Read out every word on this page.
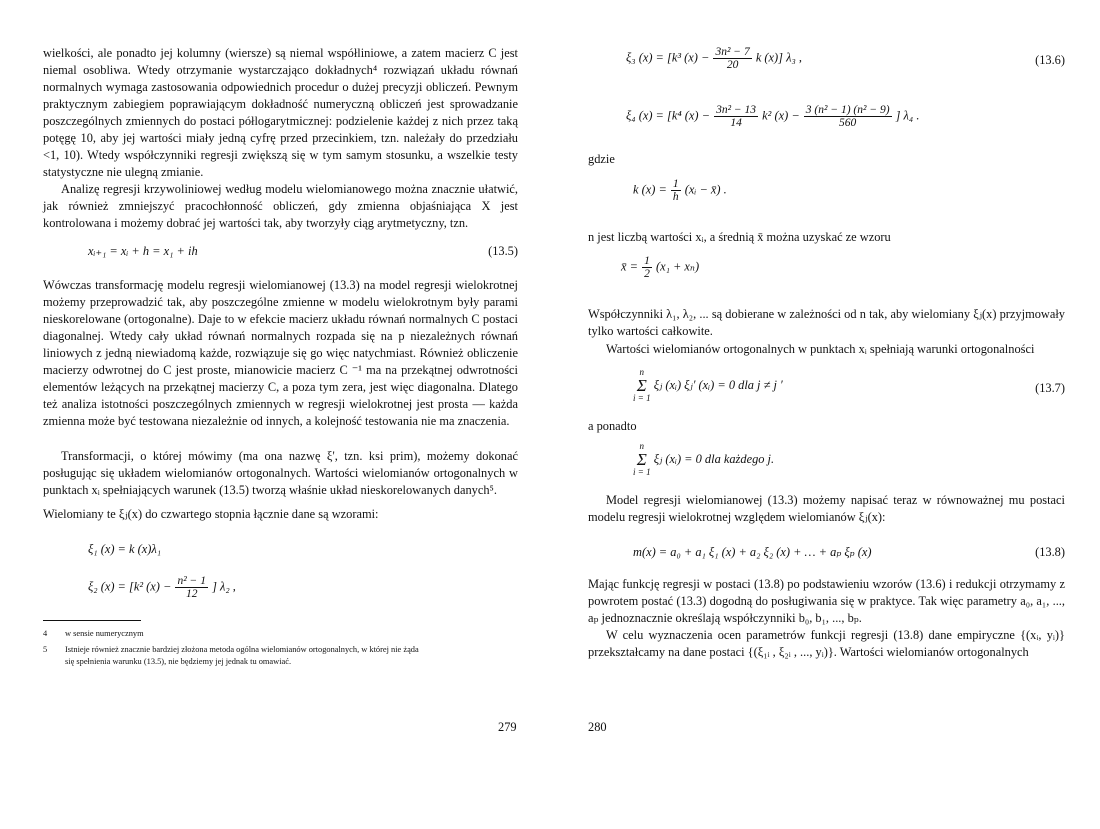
wielkości, ale ponadto jej kolumny (wiersze) są niemal współliniowe, a zatem macierz C jest niemal osobliwa. Wtedy otrzymanie wystarczająco dokładnych⁴ rozwiązań układu równań normalnych wymaga zastosowania odpowiednich procedur o dużej precyzji obliczeń. Pewnym praktycznym zabiegiem poprawiającym dokładność numeryczną obliczeń jest sprowadzanie poszczególnych zmiennych do postaci półlogarytmicznej: podzielenie każdej z nich przez taką potęgę 10, aby jej wartości miały jedną cyfrę przed przecinkiem, tzn. należały do przedziału <1, 10). Wtedy współczynniki regresji zwiększą się w tym samym stosunku, a wszelkie testy statystyczne nie ulegną zmianie.

Analizę regresji krzywoliniowej według modelu wielomianowego można znacznie ułatwić, jak również zmniejszyć pracochłonność obliczeń, gdy zmienna objaśniająca X jest kontrolowana i możemy dobrać jej wartości tak, aby tworzyły ciąg arytmetyczny, tzn.

xᵢ₊₁ = xᵢ + h = x₁ + ih	(13.5)

Wówczas transformację modelu regresji wielomianowej (13.3) na model regresji wielokrotnej możemy przeprowadzić tak, aby poszczególne zmienne w modelu wielokrotnym były parami nieskorelowane (ortogonalne). Daje to w efekcie macierz układu równań normalnych C postaci diagonalnej. Wtedy cały układ równań normalnych rozpada się na p niezależnych równań liniowych z jedną niewiadomą każde, rozwiązuje się go więc natychmiast. Również obliczenie macierzy odwrotnej do C jest proste, mianowicie macierz C ⁻¹ ma na przekątnej odwrotności elementów leżących na przekątnej macierzy C, a poza tym zera, jest więc diagonalna. Dlatego też analiza istotności poszczególnych zmiennych w regresji wielokrotnej jest prosta — każda zmienna może być testowana niezależnie od innych, a kolejność testowania nie ma znaczenia.

Transformacji, o której mówimy (ma ona nazwę ξ', tzn. ksi prim), możemy dokonać posługując się układem wielomianów ortogonalnych. Wartości wielomianów ortogonalnych w punktach xᵢ spełniających warunek (13.5) tworzą właśnie układ nieskorelowanych danych⁵.

Wielomiany te ξⱼ(x) do czwartego stopnia łącznie dane są wzorami:

ξ₁ (x) = k (x)λ₁
ξ₂ (x) = [k² $(x) - \frac{\text{n² − 1}}{12}$ ] λ₂ ,
4 w sensie numerycznym
5 Istnieje również znacznie bardziej złożona metoda ogólna wielomianów ortogonalnych, w której nie żąda
się spełnienia warunku (13.5), nie będziemy jej jednak tu omawiać.
279
ξ₃ (x) = [k³ $(x) - \frac{\text{3n² − 7}}{20}$ k (x)] λ₃ ,	(13.6)
ξ₄ (x) = [k⁴ $(x) - \frac{\text{3n² − 13}}{14} k^2$ $(x) - \frac{\text{3 (n² − 1) (n² − 9)}}{560}$ ] λ₄ .
gdzie
k $(x) = \frac{1}{h}$ (xᵢ − x̄) .

n jest liczbą wartości xᵢ, a średnią x̄ można uzyskać ze wzoru

x̄ = $\frac{1}{2} (x_1 + x_n)$

Współczynniki λ₁, λ₂, ... są dobierane w zależności od n tak, aby wielomiany ξⱼ(x) przyjmowały tylko wartości całkowite.

Wartości wielomianów ortogonalnych w punktach xᵢ spełniają warunki ortogonalności

n
Σ
i = 1 ξⱼ (xᵢ) ξⱼ′ (xᵢ) = 0 dla j ≠ j ′	(13.7)
a ponadto
n
Σ
i = 1 ξⱼ (xᵢ) = 0 dla każdego j.

Model regresji wielomianowej (13.3) możemy napisać teraz w równoważnej mu postaci modelu regresji wielokrotnej względem wielomianów ξⱼ(x):

m(x) = a₀ + a₁ ξ₁ (x) + a₂ ξ₂ (x) + … + aₚ ξₚ (x)	(13.8)

Mając funkcję regresji w postaci (13.8) po podstawieniu wzorów (13.6) i redukcji otrzymamy z powrotem postać (13.3) dogodną do posługiwania się w praktyce. Tak więc parametry a₀, a₁, ..., aₚ jednoznacznie określają współczynniki b₀, b₁, ..., bₚ.

W celu wyznaczenia ocen parametrów funkcji regresji (13.8) dane empiryczne {(xᵢ, yᵢ)} przekształcamy na dane postaci {(ξ₁ᵢ , ξ₂ᵢ , ..., yᵢ)}. Wartości wielomianów ortogonalnych

280
